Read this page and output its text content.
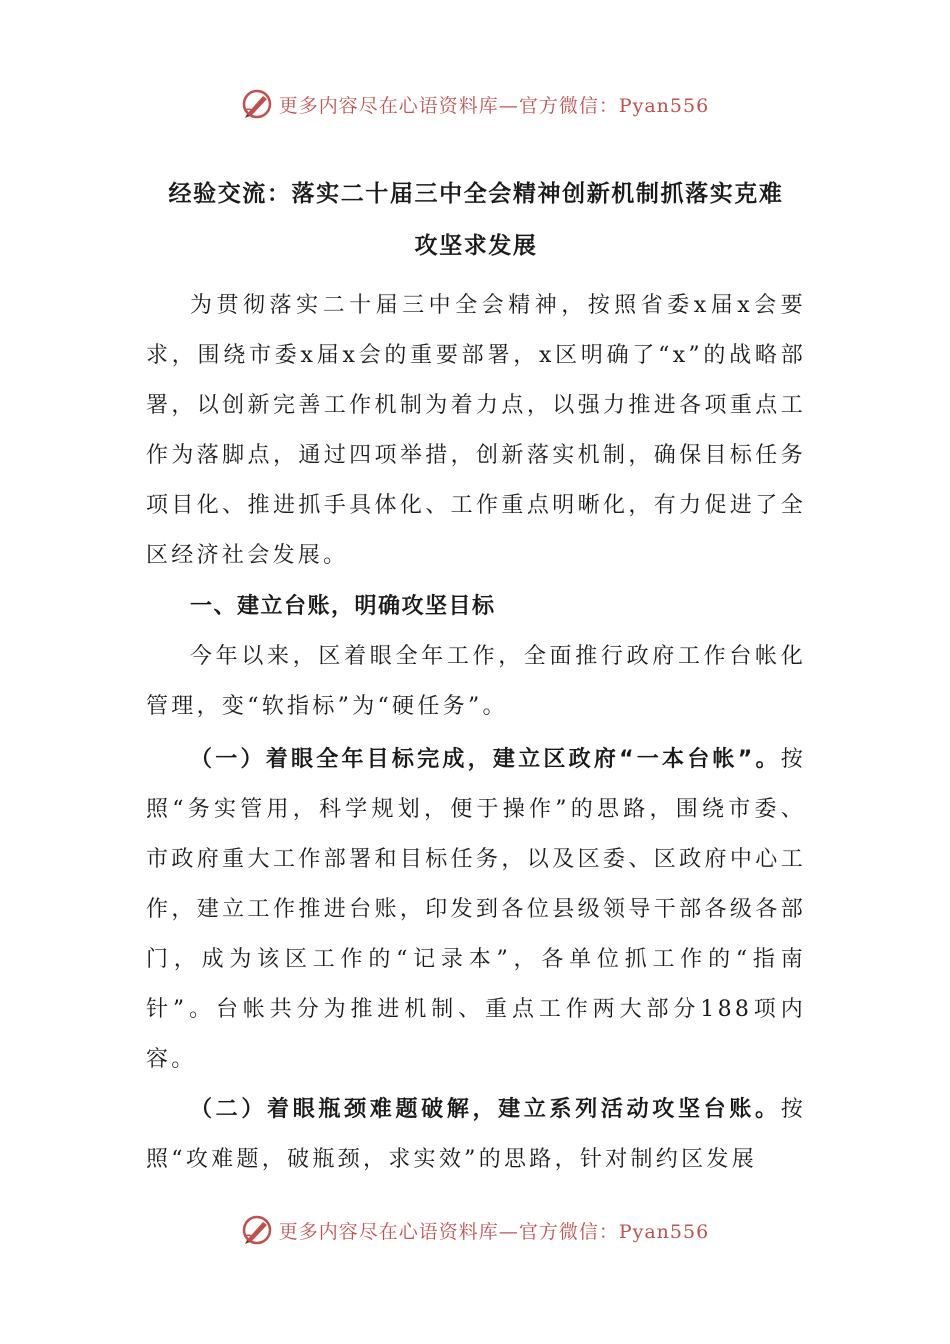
更多内容尽在心语资料库—官方微信：Pyan556
经验交流：落实二十届三中全会精神创新机制抓落实克难
攻坚求发展
为贯彻落实二十届三中全会精神，按照省委x届x会要求，围绕市委x届x会的重要部署，x区明确了“x”的战略部署，以创新完善工作机制为着力点，以强力推进各项重点工作为落脚点，通过四项举措，创新落实机制，确保目标任务项目化、推进抓手具体化、工作重点明晰化，有力促进了全区经济社会发展。
一、建立台账，明确攻坚目标
今年以来，区着眼全年工作，全面推行政府工作台帐化管理，变“软指标”为“硬任务”。
（一）着眼全年目标完成，建立区政府“一本台帐”。按照“务实管用，科学规划，便于操作”的思路，围绕市委、市政府重大工作部署和目标任务，以及区委、区政府中心工作，建立工作推进台账，印发到各位县级领导干部各级各部门，成为该区工作的“记录本”，各单位抓工作的“指南针”。台帐共分为推进机制、重点工作两大部分188项内容。
（二）着眼瓶颈难题破解，建立系列活动攻坚台账。按照“攻难题，破瓶颈，求实效”的思路，针对制约区发展
更多内容尽在心语资料库—官方微信：Pyan556
